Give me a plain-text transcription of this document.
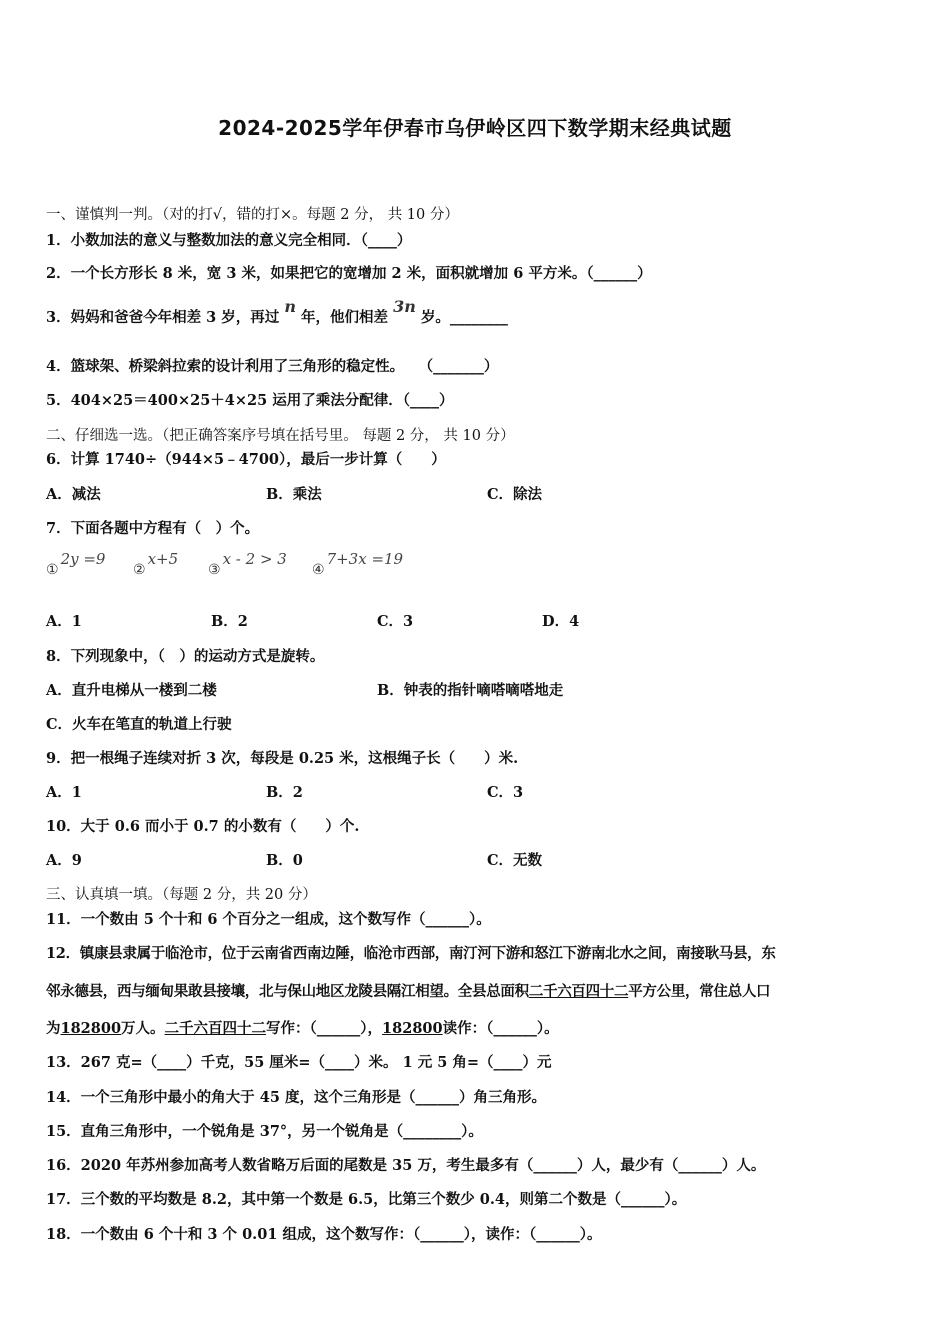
2024-2025学年伊春市乌伊岭区四下数学期末经典试题
一、谨慎判一判。（对的打√，错的打×。每题 2 分， 共 10 分）
1．小数加法的意义与整数加法的意义完全相同．（____）
2．一个长方形长 8 米，宽 3 米，如果把它的宽增加 2 米，面积就增加 6 平方米。（______）
3．妈妈和爸爸今年相差 3 岁，再过 n 年，他们相差 3n 岁。________
4．篮球架、桥梁斜拉索的设计利用了三角形的稳定性。　　（_______）
5．404×25＝400×25＋4×25 运用了乘法分配律．（____）
二、仔细选一选。（把正确答案序号填在括号里。 每题 2 分， 共 10 分）
6．计算 1740÷（944×5﹣4700），最后一步计算（　　）
A．减法	B．乘法	C．除法
7．下面各题中方程有（　）个。
①2y =9
②x+5
③x - 2 > 3
④7+3x =19
A．1	B．2	C．3	D．4
8．下列现象中，（　）的运动方式是旋转。
A．直升电梯从一楼到二楼	B．钟表的指针嘀嗒嘀嗒地走
C．火车在笔直的轨道上行驶
9．把一根绳子连续对折 3 次，每段是 0.25 米，这根绳子长（　　）米.
A．1	B．2	C．3
10．大于 0.6 而小于 0.7 的小数有（　　）个.
A．9	B．0	C．无数
三、认真填一填。（每题 2 分，共 20 分）
11．一个数由 5 个十和 6 个百分之一组成，这个数写作（______）。
12．镇康县隶属于临沧市，位于云南省西南边陲，临沧市西部，南汀河下游和怒江下游南北水之间，南接耿马县，东
邻永德县，西与缅甸果敢县接壤，北与保山地区龙陵县隔江相望。全县总面积二千六百四十二平方公里，常住总人口
为182800万人。二千六百四十二写作：（______），182800读作：（______）。
13．267 克=（____）千克，55 厘米=（____）米。 1 元 5 角=（____）元
14．一个三角形中最小的角大于 45 度，这个三角形是（______）角三角形。
15．直角三角形中，一个锐角是 37°，另一个锐角是（________）。
16．2020 年苏州参加高考人数省略万后面的尾数是 35 万，考生最多有（______）人，最少有（______）人。
17．三个数的平均数是 8.2，其中第一个数是 6.5，比第三个数少 0.4，则第二个数是（______）。
18．一个数由 6 个十和 3 个 0.01 组成，这个数写作：（______），读作：（______）。
